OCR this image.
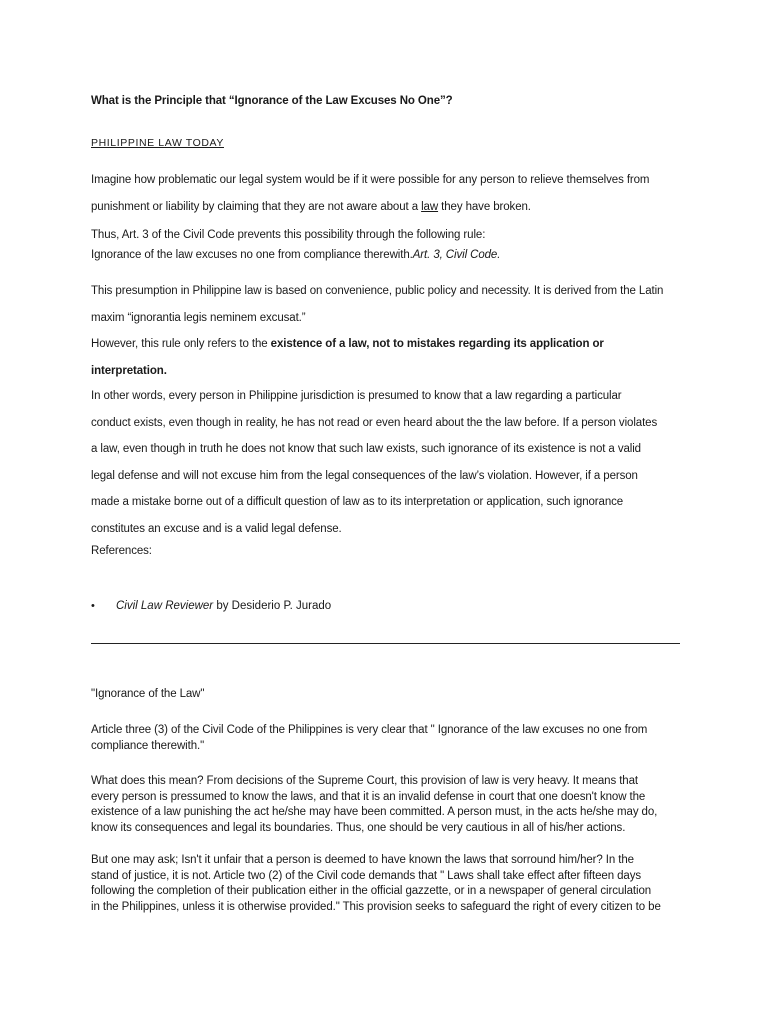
What is the Principle that “Ignorance of the Law Excuses No One”?
PHILIPPINE LAW TODAY
Imagine how problematic our legal system would be if it were possible for any person to relieve themselves from
punishment or liability by claiming that they are not aware about a law they have broken.
Thus, Art. 3 of the Civil Code prevents this possibility through the following rule:
Ignorance of the law excuses no one from compliance therewith.Art. 3, Civil Code.
This presumption in Philippine law is based on convenience, public policy and necessity. It is derived from the Latin
maxim “ignorantia legis neminem excusat.”
However, this rule only refers to the existence of a law, not to mistakes regarding its application or
interpretation.
In other words, every person in Philippine jurisdiction is presumed to know that a law regarding a particular
conduct exists, even though in reality, he has not read or even heard about the the law before. If a person violates
a law, even though in truth he does not know that such law exists, such ignorance of its existence is not a valid
legal defense and will not excuse him from the legal consequences of the law’s violation. However, if a person
made a mistake borne out of a difficult question of law as to its interpretation or application, such ignorance
constitutes an excuse and is a valid legal defense.
References:
• Civil Law Reviewer by Desiderio P. Jurado
"Ignorance of the Law"
Article three (3) of the Civil Code of the Philippines is very clear that " Ignorance of the law excuses no one from
compliance therewith."
What does this mean? From decisions of the Supreme Court, this provision of law is very heavy. It means that
every person is pressumed to know the laws, and that it is an invalid defense in court that one doesn't know the
existence of a law punishing the act he/she may have been committed. A person must, in the acts he/she may do,
know its consequences and legal its boundaries. Thus, one should be very cautious in all of his/her actions.
But one may ask; Isn't it unfair that a person is deemed to have known the laws that sorround him/her? In the
stand of justice, it is not. Article two (2) of the Civil code demands that " Laws shall take effect after fifteen days
following the completion of their publication either in the official gazzette, or in a newspaper of general circulation
in the Philippines, unless it is otherwise provided." This provision seeks to safeguard the right of every citizen to be
